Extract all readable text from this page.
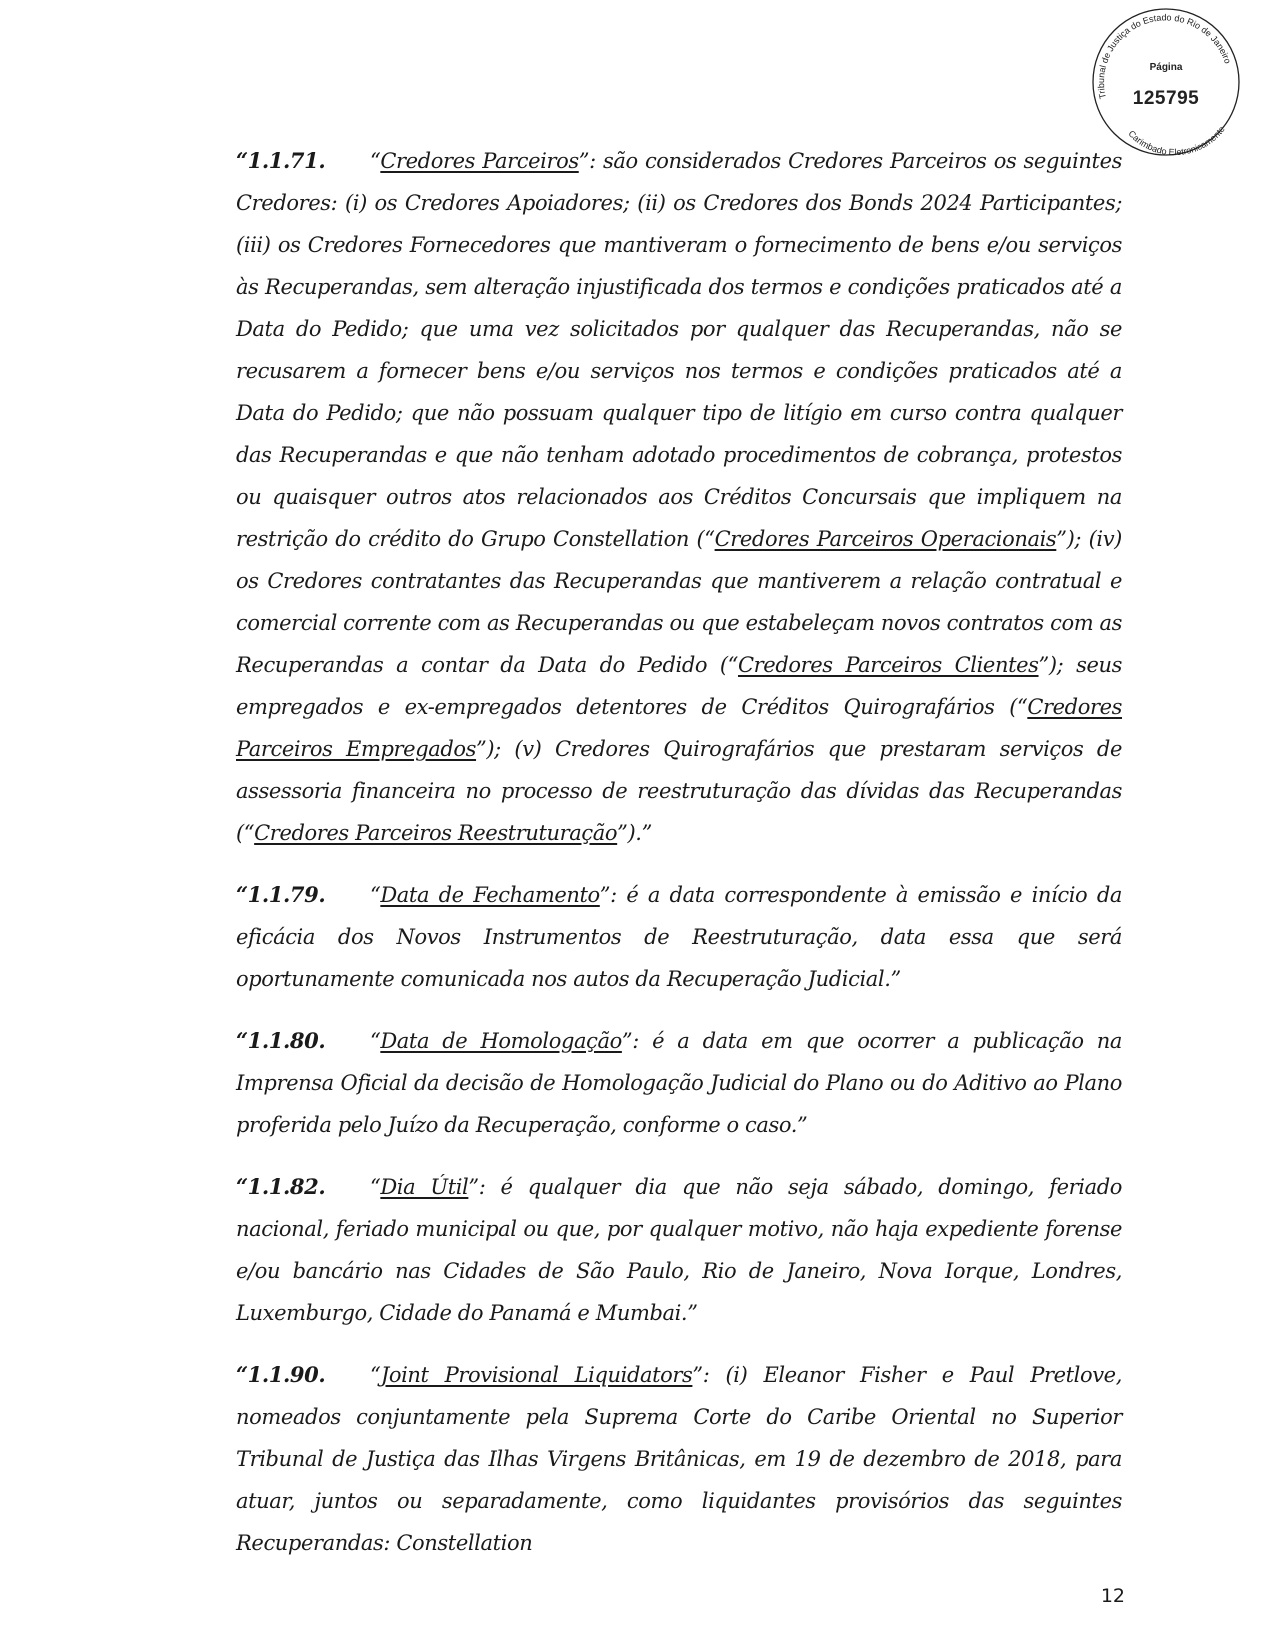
Tribunal de Justiça do Estado do Rio de Janeiro
Carimbado Eletronicamente
Página
125795

“1.1.71. “Credores Parceiros”: são considerados Credores Parceiros os seguintes Credores: (i) os Credores Apoiadores; (ii) os Credores dos Bonds 2024 Participantes; (iii) os Credores Fornecedores que mantiveram o fornecimento de bens e/ou serviços às Recuperandas, sem alteração injustificada dos termos e condições praticados até a Data do Pedido; que uma vez solicitados por qualquer das Recuperandas, não se recusarem a fornecer bens e/ou serviços nos termos e condições praticados até a Data do Pedido; que não possuam qualquer tipo de litígio em curso contra qualquer das Recuperandas e que não tenham adotado procedimentos de cobrança, protestos ou quaisquer outros atos relacionados aos Créditos Concursais que impliquem na restrição do crédito do Grupo Constellation (“Credores Parceiros Operacionais”); (iv) os Credores contratantes das Recuperandas que mantiverem a relação contratual e comercial corrente com as Recuperandas ou que estabeleçam novos contratos com as Recuperandas a contar da Data do Pedido (“Credores Parceiros Clientes”); seus empregados e ex-empregados detentores de Créditos Quirografários (“Credores Parceiros Empregados”); (v) Credores Quirografários que prestaram serviços de assessoria financeira no processo de reestruturação das dívidas das Recuperandas (“Credores Parceiros Reestruturação”).”

“1.1.79. “Data de Fechamento”: é a data correspondente à emissão e início da eficácia dos Novos Instrumentos de Reestruturação, data essa que será oportunamente comunicada nos autos da Recuperação Judicial.”

“1.1.80. “Data de Homologação”: é a data em que ocorrer a publicação na Imprensa Oficial da decisão de Homologação Judicial do Plano ou do Aditivo ao Plano proferida pelo Juízo da Recuperação, conforme o caso.”

“1.1.82. “Dia Útil”: é qualquer dia que não seja sábado, domingo, feriado nacional, feriado municipal ou que, por qualquer motivo, não haja expediente forense e/ou bancário nas Cidades de São Paulo, Rio de Janeiro, Nova Iorque, Londres, Luxemburgo, Cidade do Panamá e Mumbai.”

“1.1.90. “Joint Provisional Liquidators”: (i) Eleanor Fisher e Paul Pretlove, nomeados conjuntamente pela Suprema Corte do Caribe Oriental no Superior Tribunal de Justiça das Ilhas Virgens Britânicas, em 19 de dezembro de 2018, para atuar, juntos ou separadamente, como liquidantes provisórios das seguintes Recuperandas: Constellation

12
